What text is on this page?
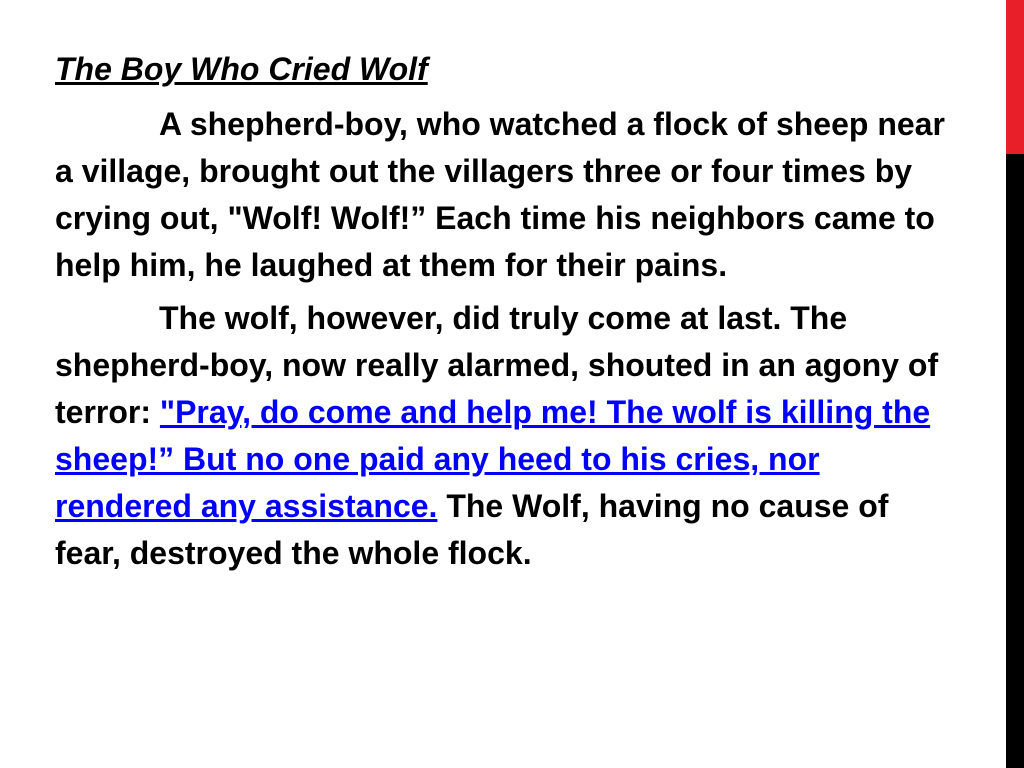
The Boy Who Cried Wolf

A shepherd-boy, who watched a flock of sheep near a village, brought out the villagers three or four times by crying out, "Wolf! Wolf!” Each time his neighbors came to help him, he laughed at them for their pains.

The wolf, however, did truly come at last. The shepherd-boy, now really alarmed, shouted in an agony of terror: "Pray, do come and help me! The wolf is killing the sheep!” But no one paid any heed to his cries, nor rendered any assistance. The Wolf, having no cause of fear, destroyed the whole flock.
